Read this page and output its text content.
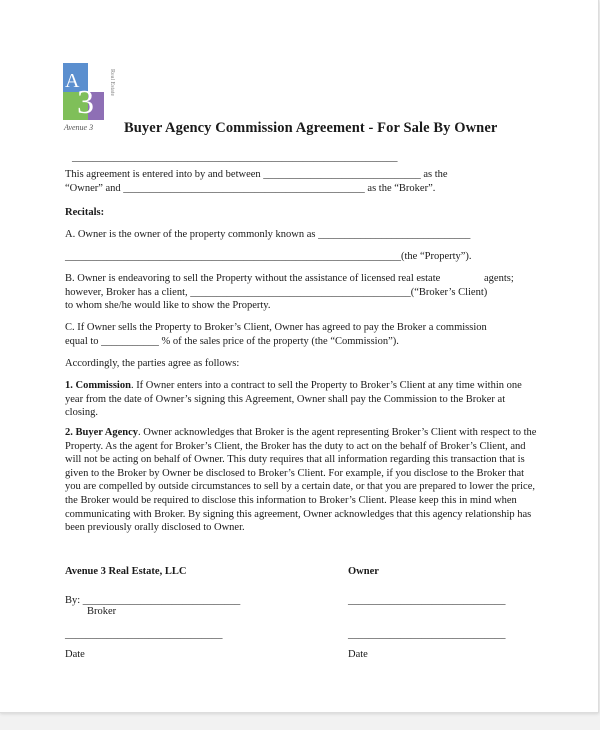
A
3
Avenue 3
Real Estate
Buyer Agency Commission Agreement - For Sale By Owner
______________________________________________________________
This agreement is entered into by and between ______________________________ as the
“Owner” and ______________________________________________ as the “Broker”.
Recitals:
A. Owner is the owner of the property commonly known as _____________________________
________________________________________________________________(the “Property”).
B. Owner is endeavoring to sell the Property without the assistance of licensed real estate	agents;
however, Broker has a client, __________________________________________(“Broker’s Client)
to whom she/he would like to show the Property.
C. If Owner sells the Property to Broker’s Client, Owner has agreed to pay the Broker a commission
equal to ___________ % of the sales price of the property (the “Commission”).
Accordingly, the parties agree as follows:

1. Commission. If Owner enters into a contract to sell the Property to Broker’s Client at any time within one year from the date of Owner’s signing this Agreement, Owner shall pay the Commission to the Broker at closing.

2. Buyer Agency. Owner acknowledges that Broker is the agent representing Broker’s Client with respect to the Property. As the agent for Broker’s Client, the Broker has the duty to act on the behalf of Broker’s Client, and will not be acting on behalf of Owner. This duty requires that all information regarding this transaction that is given to the Broker by Owner be disclosed to Broker’s Client. For example, if you disclose to the Broker that you are compelled by outside circumstances to sell by a certain date, or that you are prepared to lower the price, the Broker would be required to disclose this information to Broker’s Client. Please keep this in mind when communicating with Broker. By signing this agreement, Owner acknowledges that this agency relationship has been previously orally disclosed to Owner.

Avenue 3 Real Estate, LLC	Owner
By: ______________________________	______________________________
Broker
______________________________	______________________________
Date	Date
